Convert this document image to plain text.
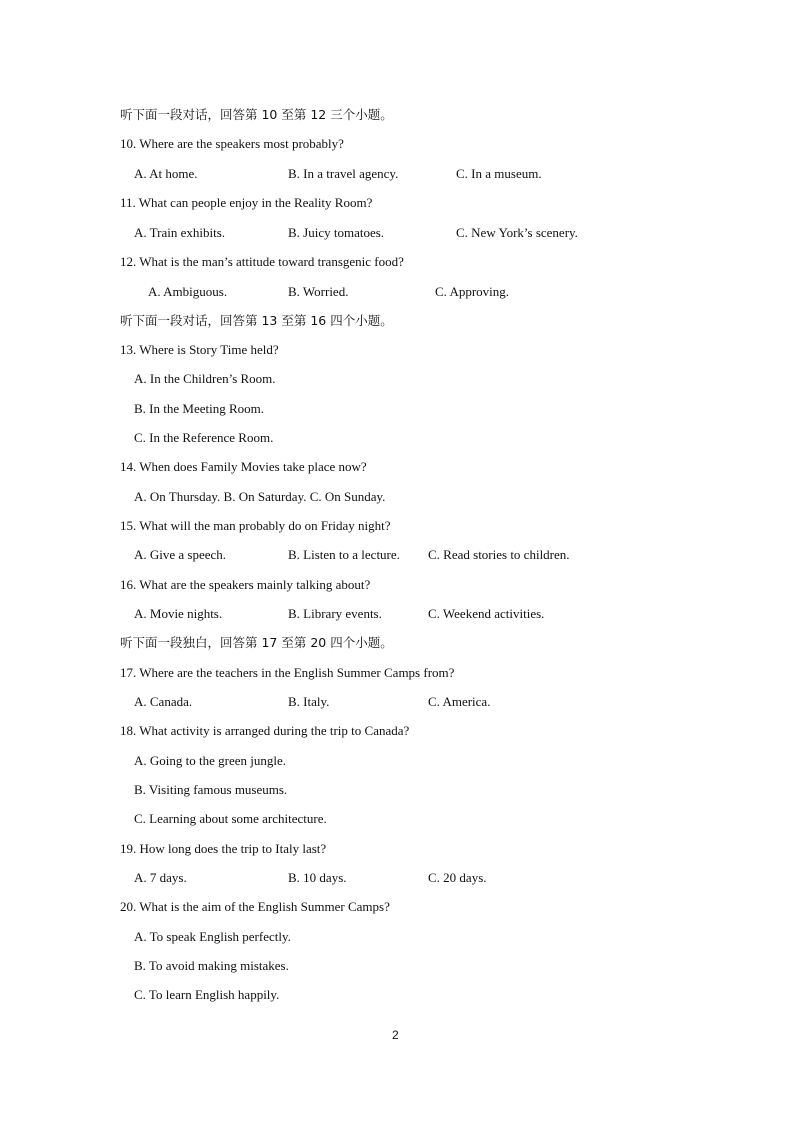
听下面一段对话，回答第 10 至第 12 三个小题。
10. Where are the speakers most probably?
A. At home.	B. In a travel agency.	C. In a museum.
11. What can people enjoy in the Reality Room?
A. Train exhibits.	B. Juicy tomatoes.	C. New York’s scenery.
12. What is the man’s attitude toward transgenic food?
A. Ambiguous.	B. Worried.	C. Approving.
听下面一段对话，回答第 13 至第 16 四个小题。
13. Where is Story Time held?
A. In the Children’s Room.
B. In the Meeting Room.
C. In the Reference Room.
14. When does Family Movies take place now?
A. On Thursday. B. On Saturday. C. On Sunday.
15. What will the man probably do on Friday night?
A. Give a speech.	B. Listen to a lecture. C. Read stories to children.
16. What are the speakers mainly talking about?
A. Movie nights.	B. Library events.	C. Weekend activities.
听下面一段独白，回答第 17 至第 20 四个小题。
17. Where are the teachers in the English Summer Camps from?
A. Canada.	B. Italy.	C. America.
18. What activity is arranged during the trip to Canada?
A. Going to the green jungle.
B. Visiting famous museums.
C. Learning about some architecture.
19. How long does the trip to Italy last?
A. 7 days.	B. 10 days.	C. 20 days.
20. What is the aim of the English Summer Camps?
A. To speak English perfectly.
B. To avoid making mistakes.
C. To learn English happily.
2
